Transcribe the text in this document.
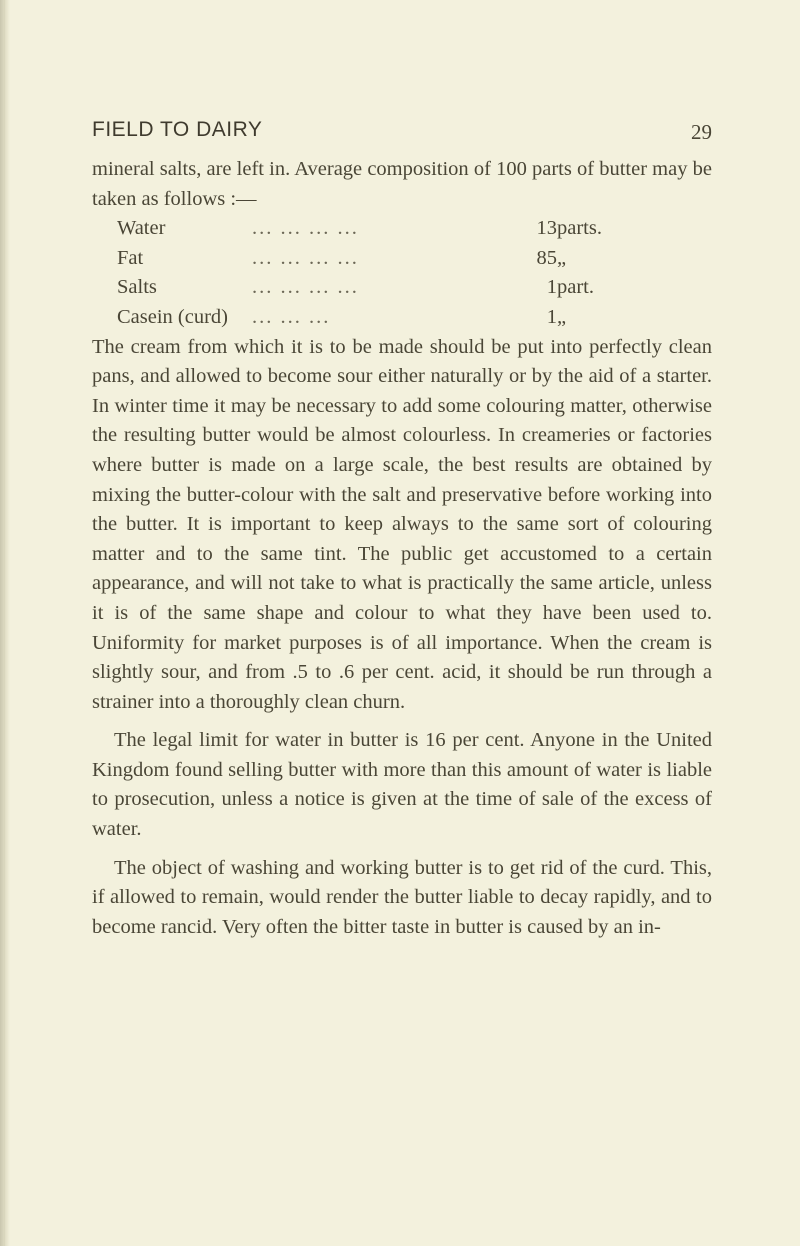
FIELD TO DAIRY	29

mineral salts, are left in. Average composition of 100 parts of butter may be taken as follows :—

Water	... ... ... ...	13	parts.
Fat	... ... ... ...	85	„
Salts	... ... ... ...	1	part.
Casein (curd)	... ... ...	1	„

The cream from which it is to be made should be put into perfectly clean pans, and allowed to become sour either naturally or by the aid of a starter. In winter time it may be necessary to add some colouring matter, otherwise the resulting butter would be almost colourless. In creameries or factories where butter is made on a large scale, the best results are obtained by mixing the butter-colour with the salt and preservative before working into the butter. It is important to keep always to the same sort of colouring matter and to the same tint. The public get accustomed to a certain appearance, and will not take to what is practically the same article, unless it is of the same shape and colour to what they have been used to. Uniformity for market purposes is of all importance. When the cream is slightly sour, and from .5 to .6 per cent. acid, it should be run through a strainer into a thoroughly clean churn.

The legal limit for water in butter is 16 per cent. Anyone in the United Kingdom found selling butter with more than this amount of water is liable to prosecution, unless a notice is given at the time of sale of the excess of water.

The object of washing and working butter is to get rid of the curd. This, if allowed to remain, would render the butter liable to decay rapidly, and to become rancid. Very often the bitter taste in butter is caused by an in-
